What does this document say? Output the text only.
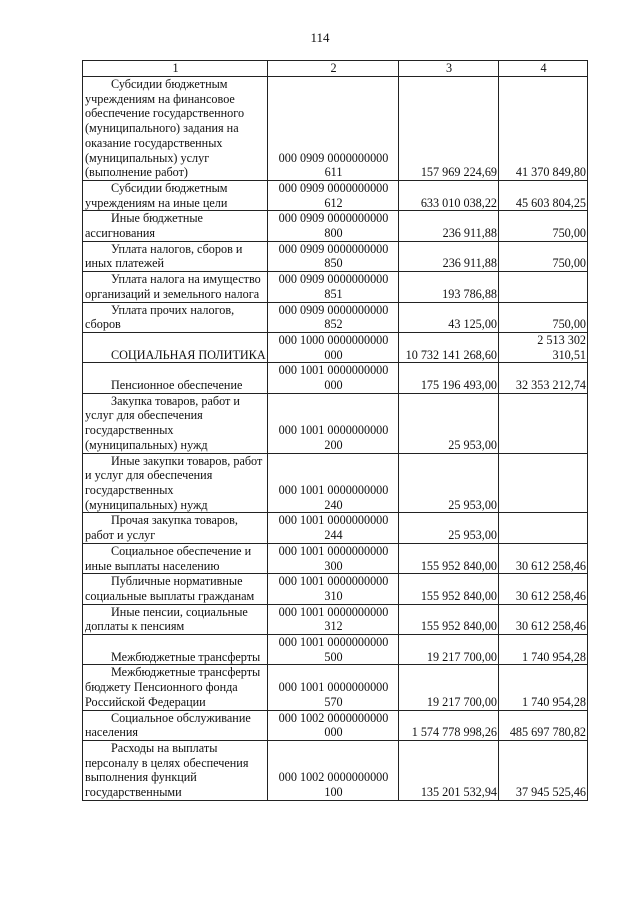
114
1	2	3	4
Субсидии бюджетным учреждениям на финансовое обеспечение государственного (муниципального) задания на оказание государственных (муниципальных) услуг (выполнение работ)	000 0909 0000000000
611	157 969 224,69	41 370 849,80
Субсидии бюджетным учреждениям на иные цели	000 0909 0000000000
612	633 010 038,22	45 603 804,25
Иные бюджетные ассигнования	000 0909 0000000000
800	236 911,88	750,00
Уплата налогов, сборов и иных платежей	000 0909 0000000000
850	236 911,88	750,00
Уплата налога на имущество организаций и земельного налога	000 0909 0000000000
851	193 786,88	
Уплата прочих налогов, сборов	000 0909 0000000000
852	43 125,00	750,00
СОЦИАЛЬНАЯ ПОЛИТИКА	000 1000 0000000000
000	10 732 141 268,60	2 513 302
310,51
Пенсионное обеспечение	000 1001 0000000000
000	175 196 493,00	32 353 212,74
Закупка товаров, работ и услуг для обеспечения государственных (муниципальных) нужд	000 1001 0000000000
200	25 953,00	
Иные закупки товаров, работ и услуг для обеспечения государственных (муниципальных) нужд	000 1001 0000000000
240	25 953,00	
Прочая закупка товаров, работ и услуг	000 1001 0000000000
244	25 953,00	
Социальное обеспечение и иные выплаты населению	000 1001 0000000000
300	155 952 840,00	30 612 258,46
Публичные нормативные социальные выплаты гражданам	000 1001 0000000000
310	155 952 840,00	30 612 258,46
Иные пенсии, социальные доплаты к пенсиям	000 1001 0000000000
312	155 952 840,00	30 612 258,46
Межбюджетные трансферты	000 1001 0000000000
500	19 217 700,00	1 740 954,28
Межбюджетные трансферты бюджету Пенсионного фонда Российской Федерации	000 1001 0000000000
570	19 217 700,00	1 740 954,28
Социальное обслуживание населения	000 1002 0000000000
000	1 574 778 998,26	485 697 780,82
Расходы на выплаты персоналу в целях обеспечения выполнения функций государственными	000 1002 0000000000
100	135 201 532,94	37 945 525,46
